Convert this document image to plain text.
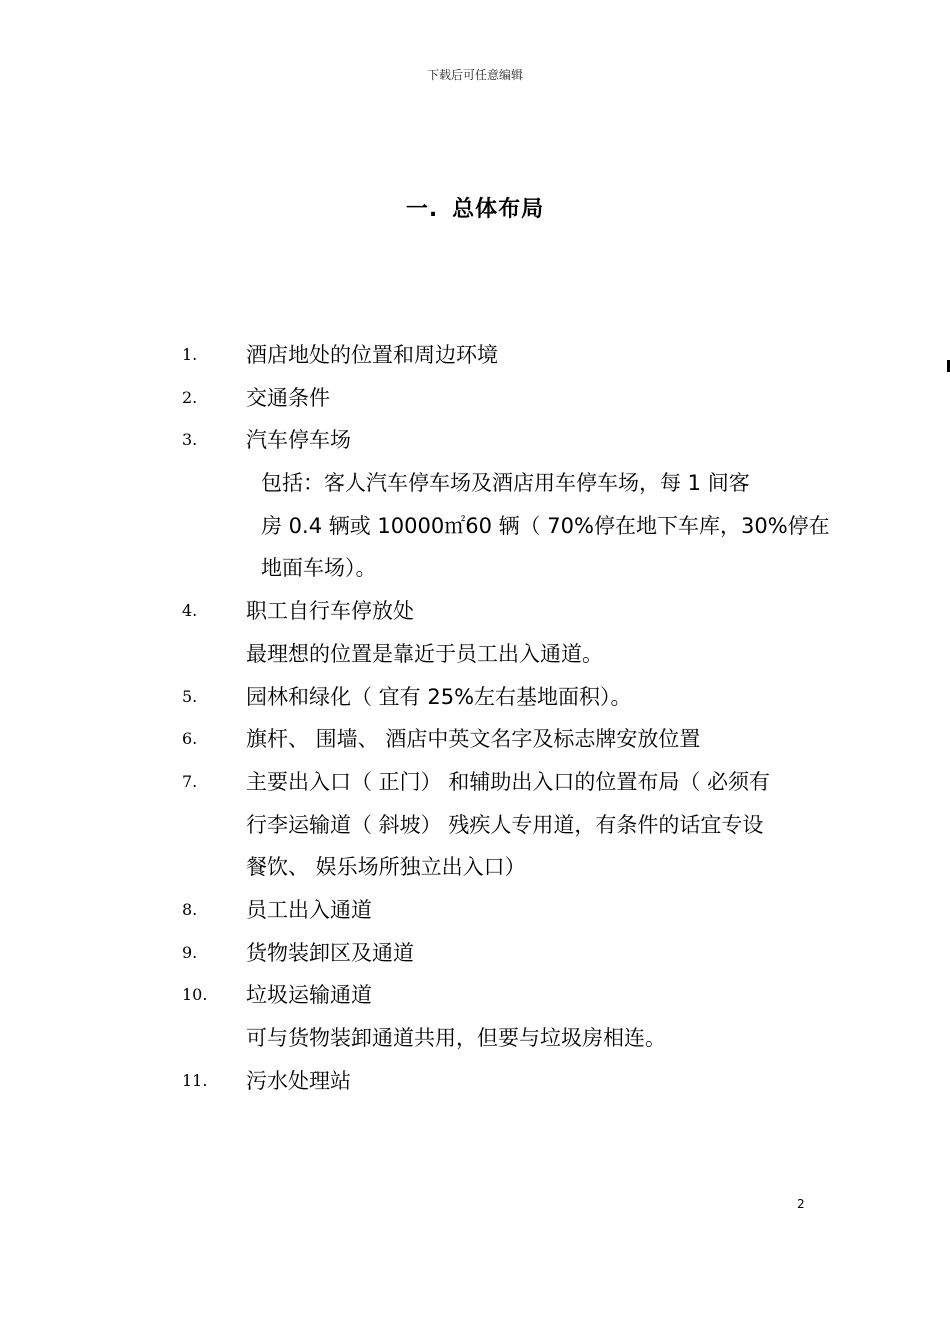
下载后可任意编辑
一. 总体布局
1. 酒店地处的位置和周边环境
2. 交通条件
3. 汽车停车场
包括：客人汽车停车场及酒店用车停车场，每 1 间客
房 0.4 辆或 10000㎡60 辆（ 70%停在地下车库，30%停在
地面车场）。
4. 职工自行车停放处
最理想的位置是靠近于员工出入通道。
5. 园林和绿化（ 宜有 25%左右基地面积）。
6. 旗杆、 围墙、 酒店中英文名字及标志牌安放位置
7. 主要出入口（ 正门） 和辅助出入口的位置布局（ 必须有
行李运输道（ 斜坡） 残疾人专用道，有条件的话宜专设
餐饮、 娱乐场所独立出入口）
8. 员工出入通道
9. 货物装卸区及通道
10. 垃圾运输通道
可与货物装卸通道共用，但要与垃圾房相连。
11. 污水处理站
2
